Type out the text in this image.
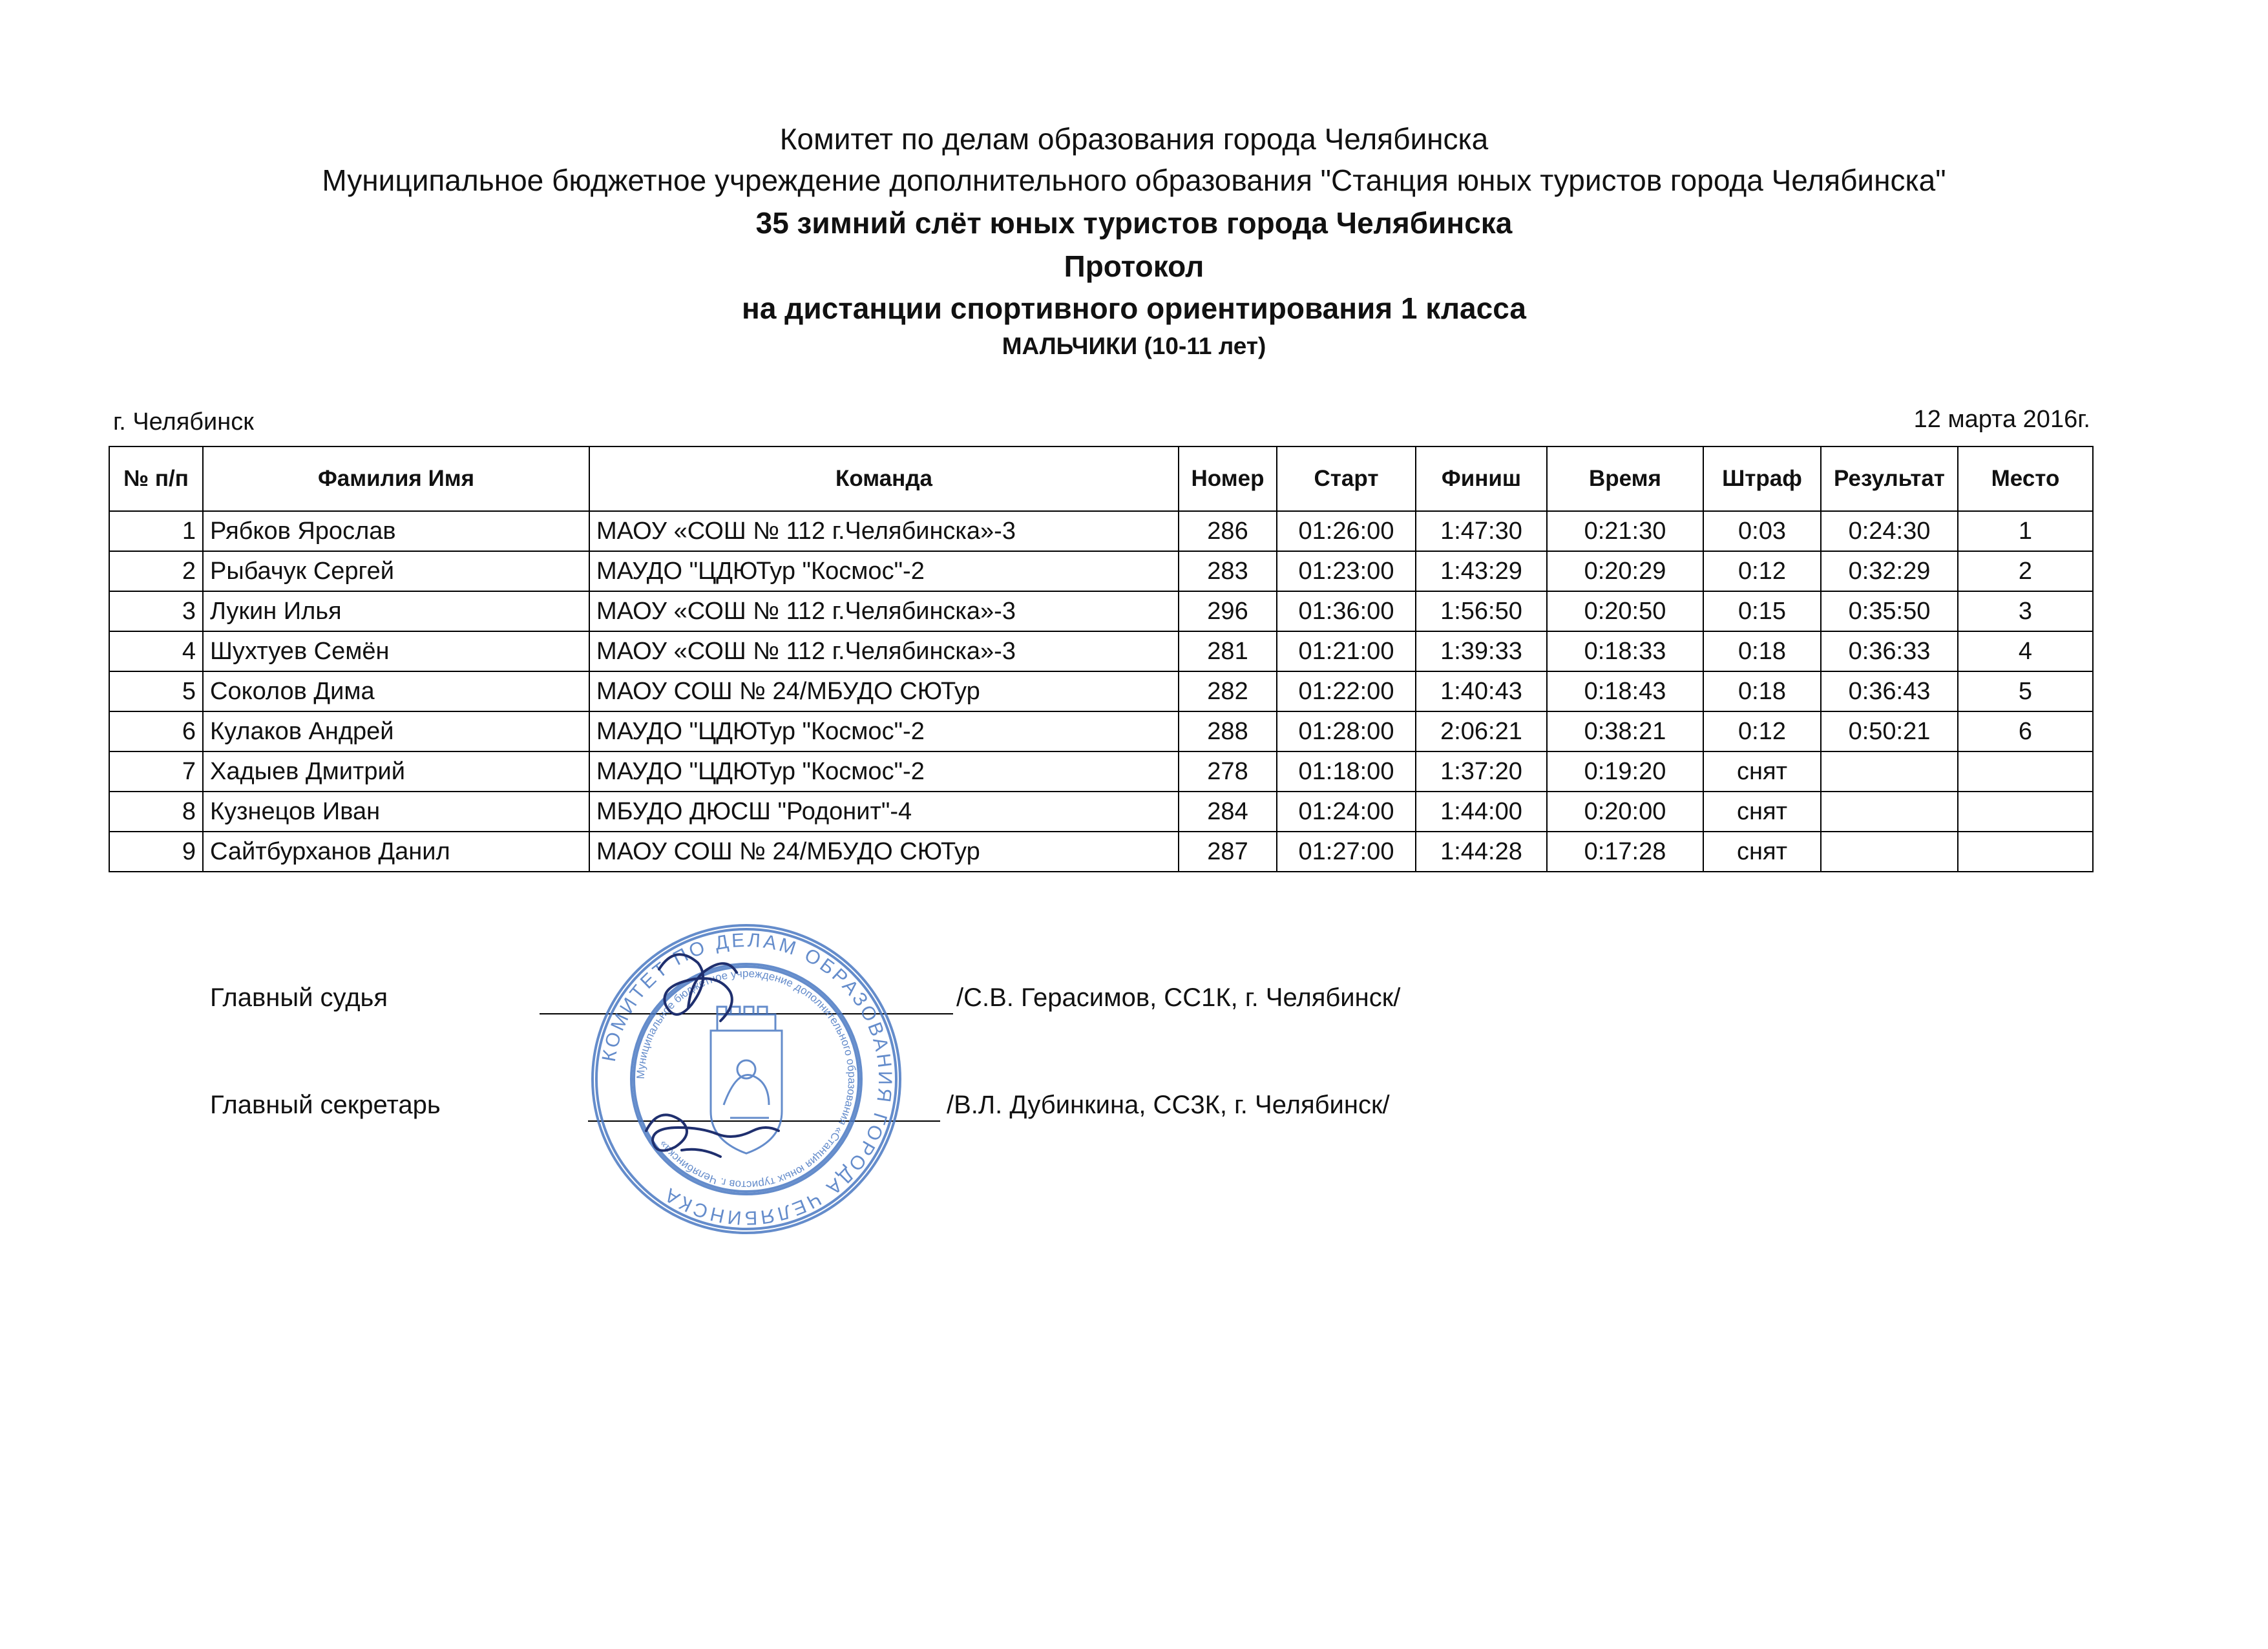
Комитет по делам образования города Челябинска
Муниципальное бюджетное учреждение дополнительного образования "Станция юных туристов города Челябинска"
35 зимний слёт юных туристов города Челябинска
Протокол
на дистанции спортивного ориентирования 1 класса
МАЛЬЧИКИ (10-11 лет)
г. Челябинск	12 марта 2016г.
№ п/п	Фамилия Имя	Команда	Номер	Старт	Финиш	Время	Штраф	Результат	Место
1	Рябков Ярослав	МАОУ «СОШ № 112 г.Челябинска»-3	286	01:26:00	1:47:30	0:21:30	0:03	0:24:30	1
2	Рыбачук Сергей	МАУДО "ЦДЮТур "Космос"-2	283	01:23:00	1:43:29	0:20:29	0:12	0:32:29	2
3	Лукин Илья	МАОУ «СОШ № 112 г.Челябинска»-3	296	01:36:00	1:56:50	0:20:50	0:15	0:35:50	3
4	Шухтуев Семён	МАОУ «СОШ № 112 г.Челябинска»-3	281	01:21:00	1:39:33	0:18:33	0:18	0:36:33	4
5	Соколов Дима	МАОУ СОШ № 24/МБУДО СЮТур	282	01:22:00	1:40:43	0:18:43	0:18	0:36:43	5
6	Кулаков Андрей	МАУДО "ЦДЮТур "Космос"-2	288	01:28:00	2:06:21	0:38:21	0:12	0:50:21	6
7	Хадыев Дмитрий	МАУДО "ЦДЮТур "Космос"-2	278	01:18:00	1:37:20	0:19:20	снят		
8	Кузнецов Иван	МБУДО ДЮСШ "Родонит"-4	284	01:24:00	1:44:00	0:20:00	снят		
9	Сайтбурханов Данил	МАОУ СОШ № 24/МБУДО СЮТур	287	01:27:00	1:44:28	0:17:28	снят		
Главный судья	/С.В. Герасимов, СС1К, г. Челябинск/
Главный секретарь	/В.Л. Дубинкина, СС3К, г. Челябинск/
КОМИТЕТ ПО ДЕЛАМ ОБРАЗОВАНИЯ ГОРОДА ЧЕЛЯБИНСКА
Муниципальное бюджетное учреждение дополнительного образования «Станция юных туристов г. Челябинска»
